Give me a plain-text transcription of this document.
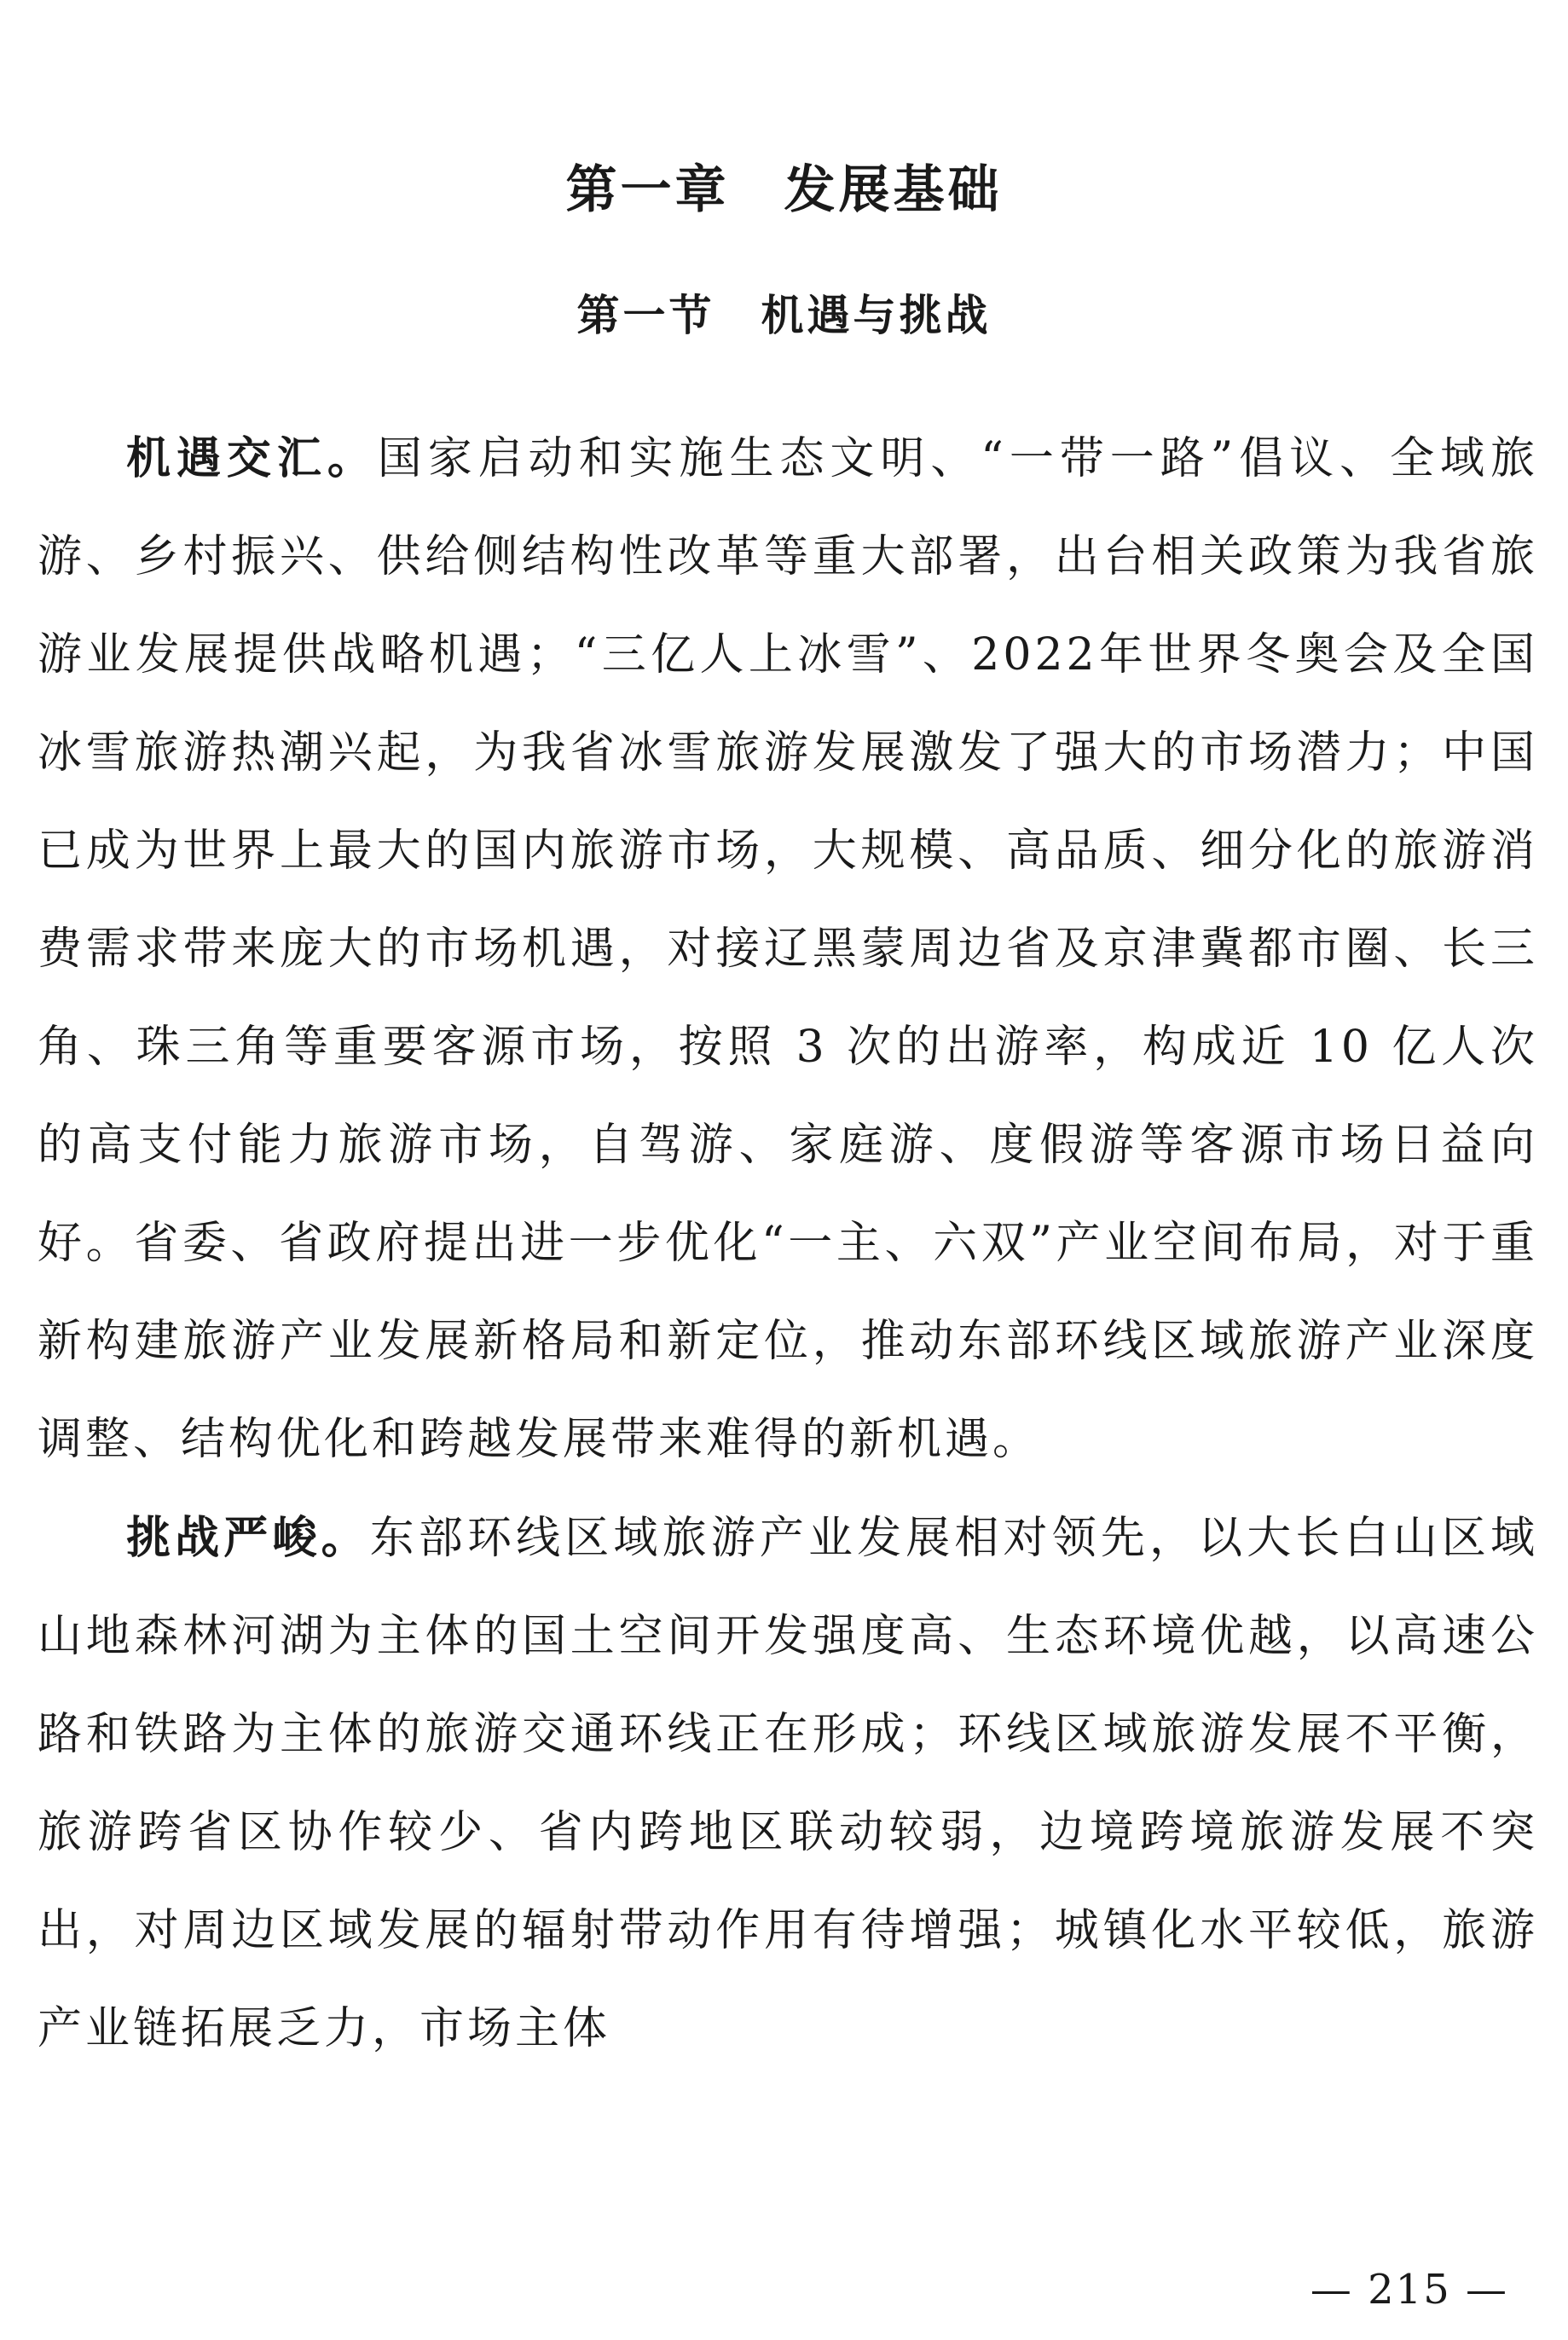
第一章　发展基础
第一节　机遇与挑战

机遇交汇。国家启动和实施生态文明、“一带一路”倡议、全域旅游、乡村振兴、供给侧结构性改革等重大部署，出台相关政策为我省旅游业发展提供战略机遇；“三亿人上冰雪”、2022年世界冬奥会及全国冰雪旅游热潮兴起，为我省冰雪旅游发展激发了强大的市场潜力；中国已成为世界上最大的国内旅游市场，大规模、高品质、细分化的旅游消费需求带来庞大的市场机遇，对接辽黑蒙周边省及京津冀都市圈、长三角、珠三角等重要客源市场，按照 3 次的出游率，构成近 10 亿人次的高支付能力旅游市场，自驾游、家庭游、度假游等客源市场日益向好。省委、省政府提出进一步优化“一主、六双”产业空间布局，对于重新构建旅游产业发展新格局和新定位，推动东部环线区域旅游产业深度调整、结构优化和跨越发展带来难得的新机遇。

挑战严峻。东部环线区域旅游产业发展相对领先，以大长白山区域山地森林河湖为主体的国土空间开发强度高、生态环境优越，以高速公路和铁路为主体的旅游交通环线正在形成；环线区域旅游发展不平衡，旅游跨省区协作较少、省内跨地区联动较弱，边境跨境旅游发展不突出，对周边区域发展的辐射带动作用有待增强；城镇化水平较低，旅游产业链拓展乏力，市场主体

— 215 —
